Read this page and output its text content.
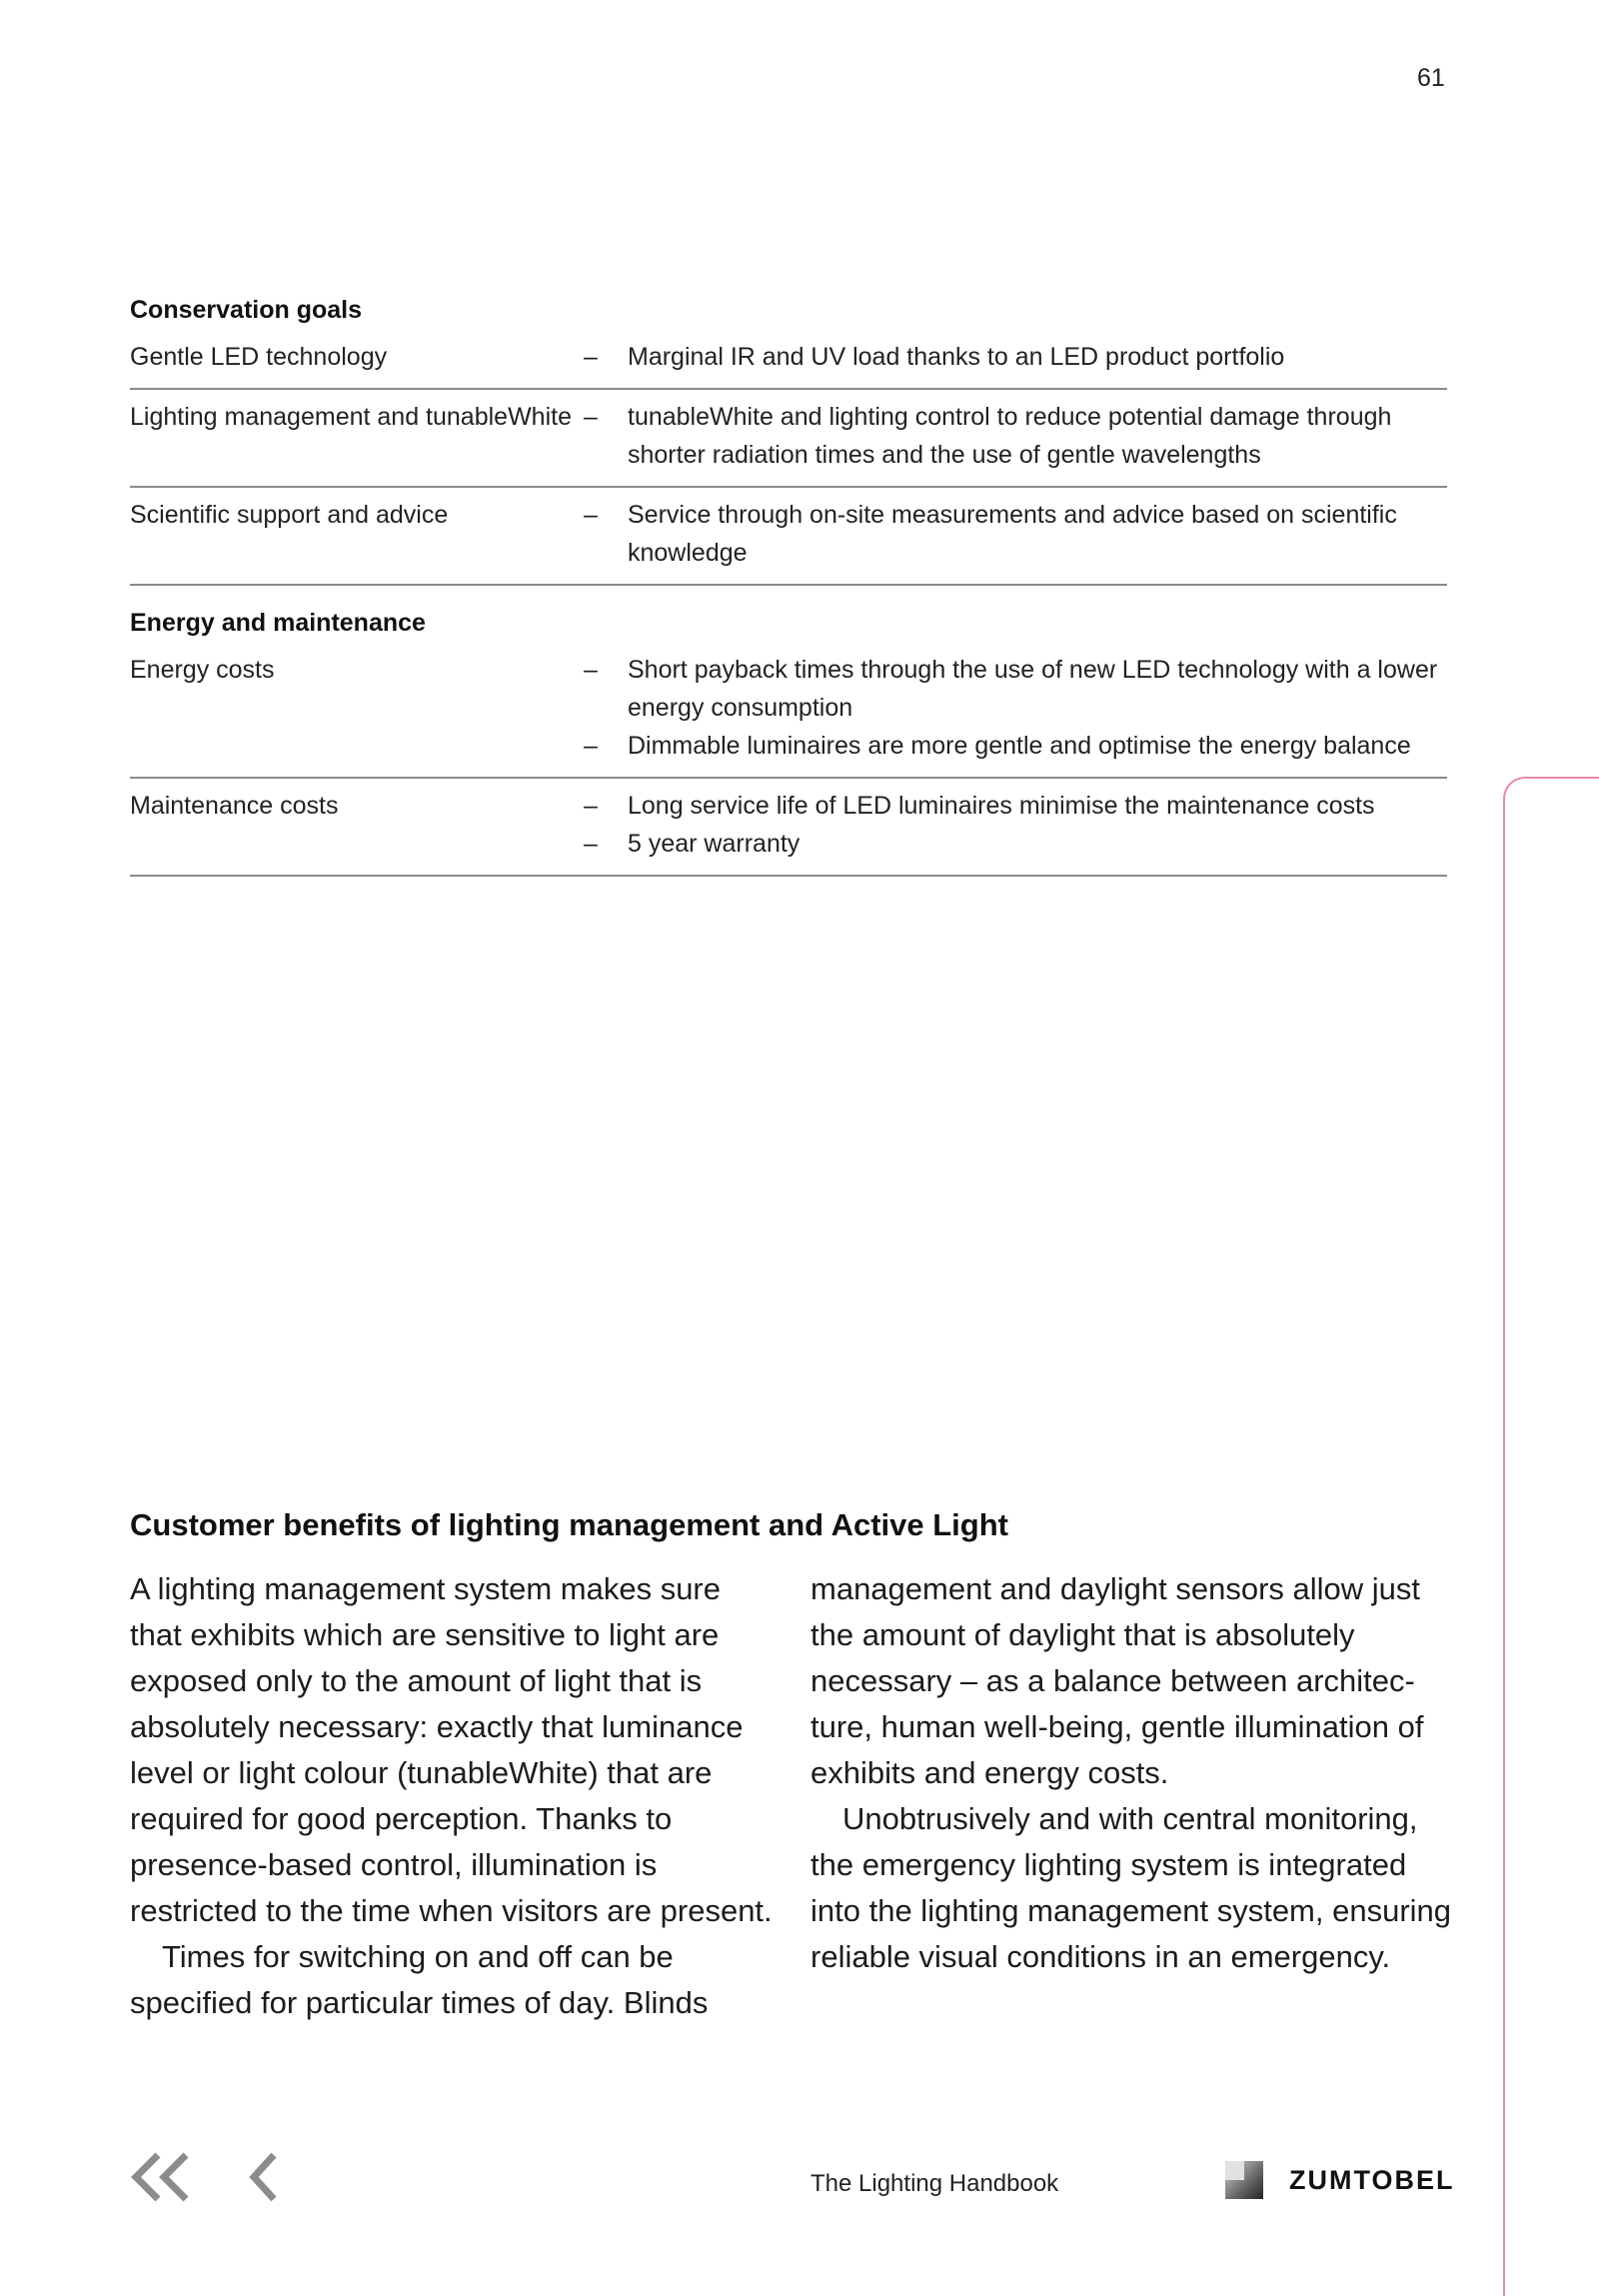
61
Conservation goals
Gentle LED technology	–	Marginal IR and UV load thanks to an LED product portfolio
Lighting management and tunableWhite –	tunableWhite and lighting control to reduce potential damage through shorter radiation times and the use of gentle wavelengths
Scientific support and advice	–	Service through on-site measurements and advice based on scientific knowledge
Energy and maintenance
Energy costs	–	Short payback times through the use of new LED technology with a lower energy consumption
–	Dimmable luminaires are more gentle and optimise the energy balance
Maintenance costs	–	Long service life of LED luminaires minimise the maintenance costs
–	5 year warranty
Customer benefits of lighting management and Active Light

A lighting management system makes sure that exhibits which are sensitive to light are exposed only to the amount of light that is absolutely necessary: exactly that luminance level or light colour (tunableWhite) that are required for good perception. Thanks to presence-based control, illumination is restricted to the time when visitors are present.

Times for switching on and off can be specified for particular times of day. Blinds

management and daylight sensors allow just the amount of daylight that is absolutely necessary – as a balance between architec-ture, human well-being, gentle illumination of exhibits and energy costs.

Unobtrusively and with central monitoring, the emergency lighting system is integrated into the lighting management system, ensuring reliable visual conditions in an emergency.

The Lighting Handbook	ZUMTOBEL
